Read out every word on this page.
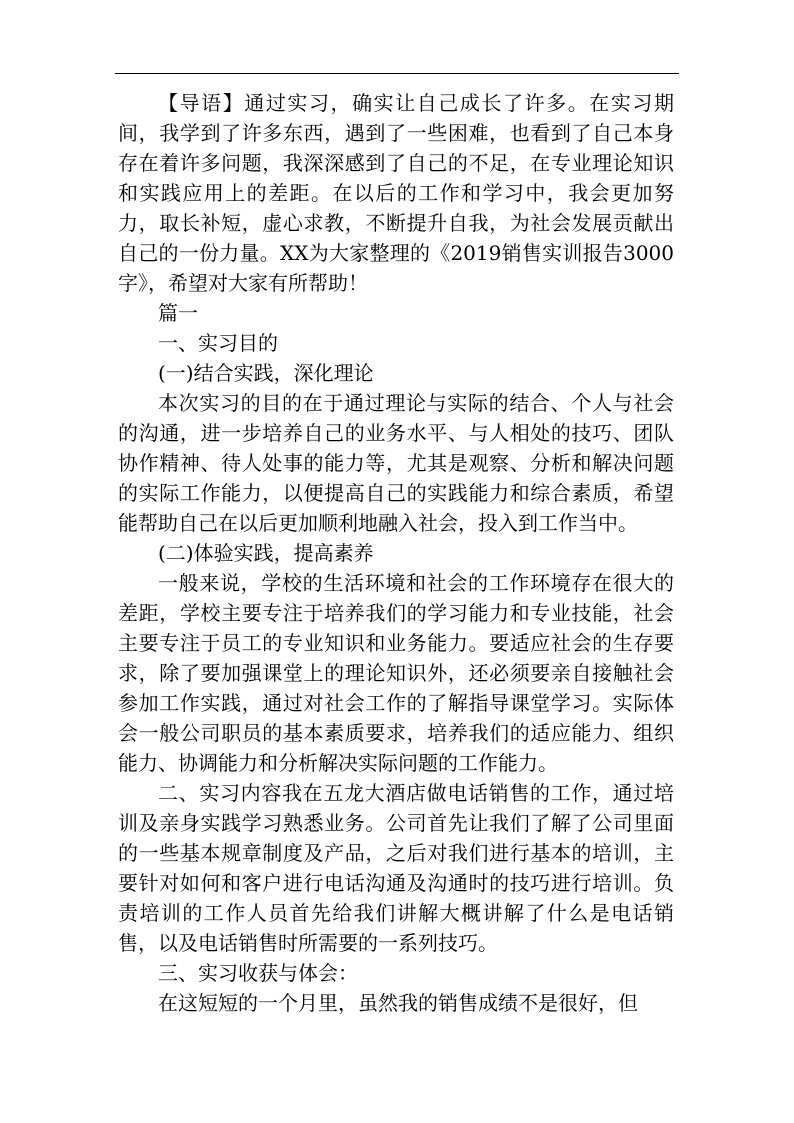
【导语】通过实习，确实让自己成长了许多。在实习期间，我学到了许多东西，遇到了一些困难，也看到了自己本身存在着许多问题，我深深感到了自己的不足，在专业理论知识和实践应用上的差距。在以后的工作和学习中，我会更加努力，取长补短，虚心求教，不断提升自我，为社会发展贡献出自己的一份力量。XX为大家整理的《2019销售实训报告3000字》，希望对大家有所帮助！

篇一

一、实习目的

(一)结合实践，深化理论

本次实习的目的在于通过理论与实际的结合、个人与社会的沟通，进一步培养自己的业务水平、与人相处的技巧、团队协作精神、待人处事的能力等，尤其是观察、分析和解决问题的实际工作能力，以便提高自己的实践能力和综合素质，希望能帮助自己在以后更加顺利地融入社会，投入到工作当中。

(二)体验实践，提高素养

一般来说，学校的生活环境和社会的工作环境存在很大的差距，学校主要专注于培养我们的学习能力和专业技能，社会主要专注于员工的专业知识和业务能力。要适应社会的生存要求，除了要加强课堂上的理论知识外，还必须要亲自接触社会参加工作实践，通过对社会工作的了解指导课堂学习。实际体会一般公司职员的基本素质要求，培养我们的适应能力、组织能力、协调能力和分析解决实际问题的工作能力。

二、实习内容我在五龙大酒店做电话销售的工作，通过培训及亲身实践学习熟悉业务。公司首先让我们了解了公司里面的一些基本规章制度及产品，之后对我们进行基本的培训，主要针对如何和客户进行电话沟通及沟通时的技巧进行培训。负责培训的工作人员首先给我们讲解大概讲解了什么是电话销售，以及电话销售时所需要的一系列技巧。

三、实习收获与体会：

在这短短的一个月里，虽然我的销售成绩不是很好，但
